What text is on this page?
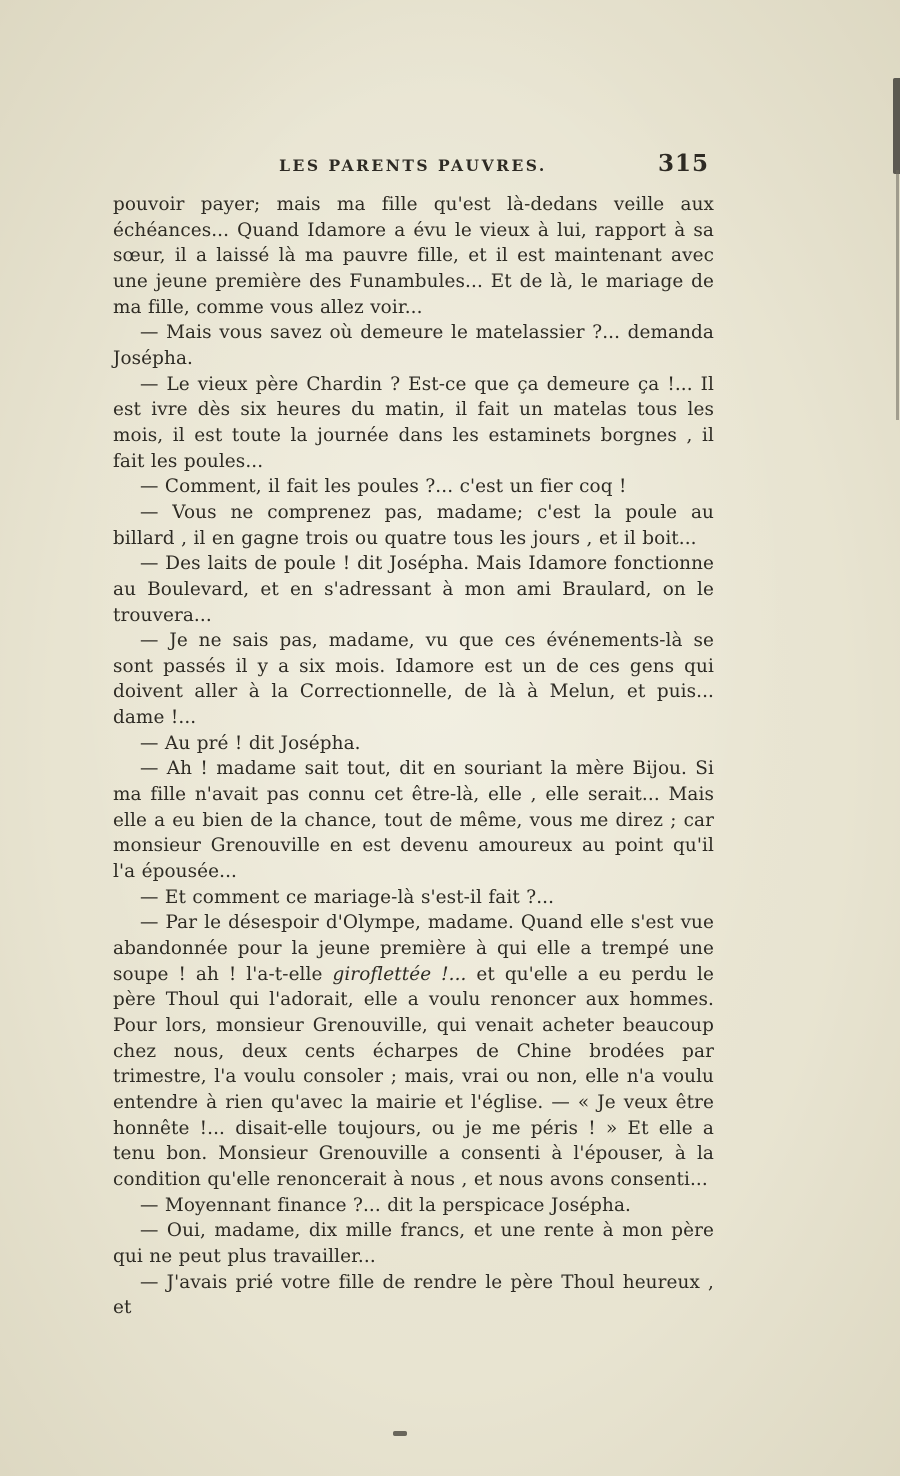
LES PARENTS PAUVRES.	315

pouvoir payer; mais ma fille qu'est là-dedans veille aux échéances... Quand Idamore a évu le vieux à lui, rapport à sa sœur, il a laissé là ma pauvre fille, et il est maintenant avec une jeune première des Funambules... Et de là, le mariage de ma fille, comme vous allez voir...

— Mais vous savez où demeure le matelassier ?... demanda Josépha.

— Le vieux père Chardin ? Est-ce que ça demeure ça !... Il est ivre dès six heures du matin, il fait un matelas tous les mois, il est toute la journée dans les estaminets borgnes , il fait les poules...

— Comment, il fait les poules ?... c'est un fier coq !

— Vous ne comprenez pas, madame; c'est la poule au billard , il en gagne trois ou quatre tous les jours , et il boit...

— Des laits de poule ! dit Josépha. Mais Idamore fonctionne au Boulevard, et en s'adressant à mon ami Braulard, on le trouvera...

— Je ne sais pas, madame, vu que ces événements-là se sont passés il y a six mois. Idamore est un de ces gens qui doivent aller à la Correctionnelle, de là à Melun, et puis... dame !...

— Au pré ! dit Josépha.

— Ah ! madame sait tout, dit en souriant la mère Bijou. Si ma fille n'avait pas connu cet être-là, elle , elle serait... Mais elle a eu bien de la chance, tout de même, vous me direz ; car monsieur Grenouville en est devenu amoureux au point qu'il l'a épousée...

— Et comment ce mariage-là s'est-il fait ?...

— Par le désespoir d'Olympe, madame. Quand elle s'est vue abandonnée pour la jeune première à qui elle a trempé une soupe ! ah ! l'a-t-elle giroflettée !... et qu'elle a eu perdu le père Thoul qui l'adorait, elle a voulu renoncer aux hommes. Pour lors, monsieur Grenouville, qui venait acheter beaucoup chez nous, deux cents écharpes de Chine brodées par trimestre, l'a voulu consoler ; mais, vrai ou non, elle n'a voulu entendre à rien qu'avec la mairie et l'église. — « Je veux être honnête !... disait-elle toujours, ou je me péris ! » Et elle a tenu bon. Monsieur Grenouville a consenti à l'épouser, à la condition qu'elle renoncerait à nous , et nous avons consenti...

— Moyennant finance ?... dit la perspicace Josépha.

— Oui, madame, dix mille francs, et une rente à mon père qui ne peut plus travailler...

— J'avais prié votre fille de rendre le père Thoul heureux , et
